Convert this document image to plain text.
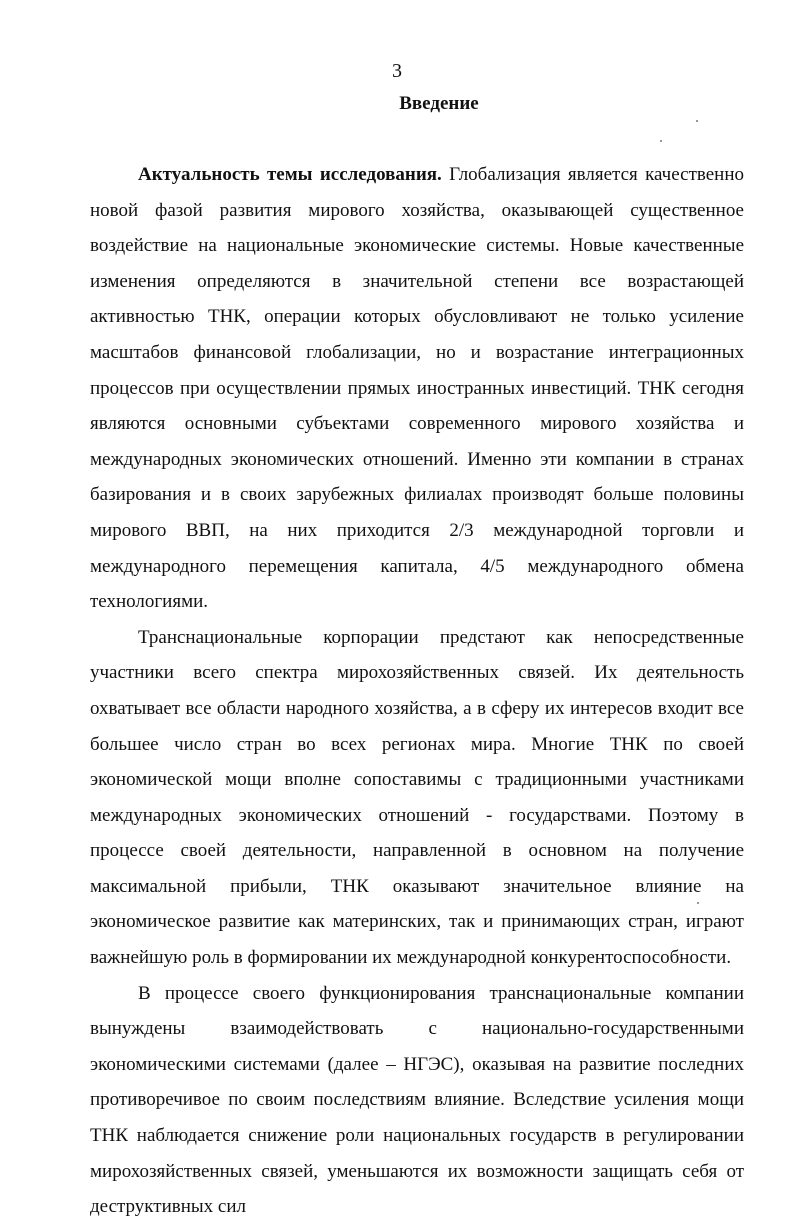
3
Введение

Актуальность темы исследования. Глобализация является качественно новой фазой развития мирового хозяйства, оказывающей существенное воздействие на национальные экономические системы. Новые качественные изменения определяются в значительной степени все возрастающей активностью ТНК, операции которых обусловливают не только усиление масштабов финансовой глобализации, но и возрастание интеграционных процессов при осуществлении прямых иностранных инвестиций. ТНК сегодня являются основными субъектами современного мирового хозяйства и международных экономических отношений. Именно эти компании в странах базирования и в своих зарубежных филиалах производят больше половины мирового ВВП, на них приходится 2/3 международной торговли и международного перемещения капитала, 4/5 международного обмена технологиями.

Транснациональные корпорации предстают как непосредственные участники всего спектра мирохозяйственных связей. Их деятельность охватывает все области народного хозяйства, а в сферу их интересов входит все большее число стран во всех регионах мира. Многие ТНК по своей экономической мощи вполне сопоставимы с традиционными участниками международных экономических отношений - государствами. Поэтому в процессе своей деятельности, направленной в основном на получение максимальной прибыли, ТНК оказывают значительное влияние на экономическое развитие как материнских, так и принимающих стран, играют важнейшую роль в формировании их международной конкурентоспособности.

В процессе своего функционирования транснациональные компании вынуждены взаимодействовать с национально-государственными экономическими системами (далее – НГЭС), оказывая на развитие последних противоречивое по своим последствиям влияние. Вследствие усиления мощи ТНК наблюдается снижение роли национальных государств в регулировании мирохозяйственных связей, уменьшаются их возможности защищать себя от деструктивных сил
